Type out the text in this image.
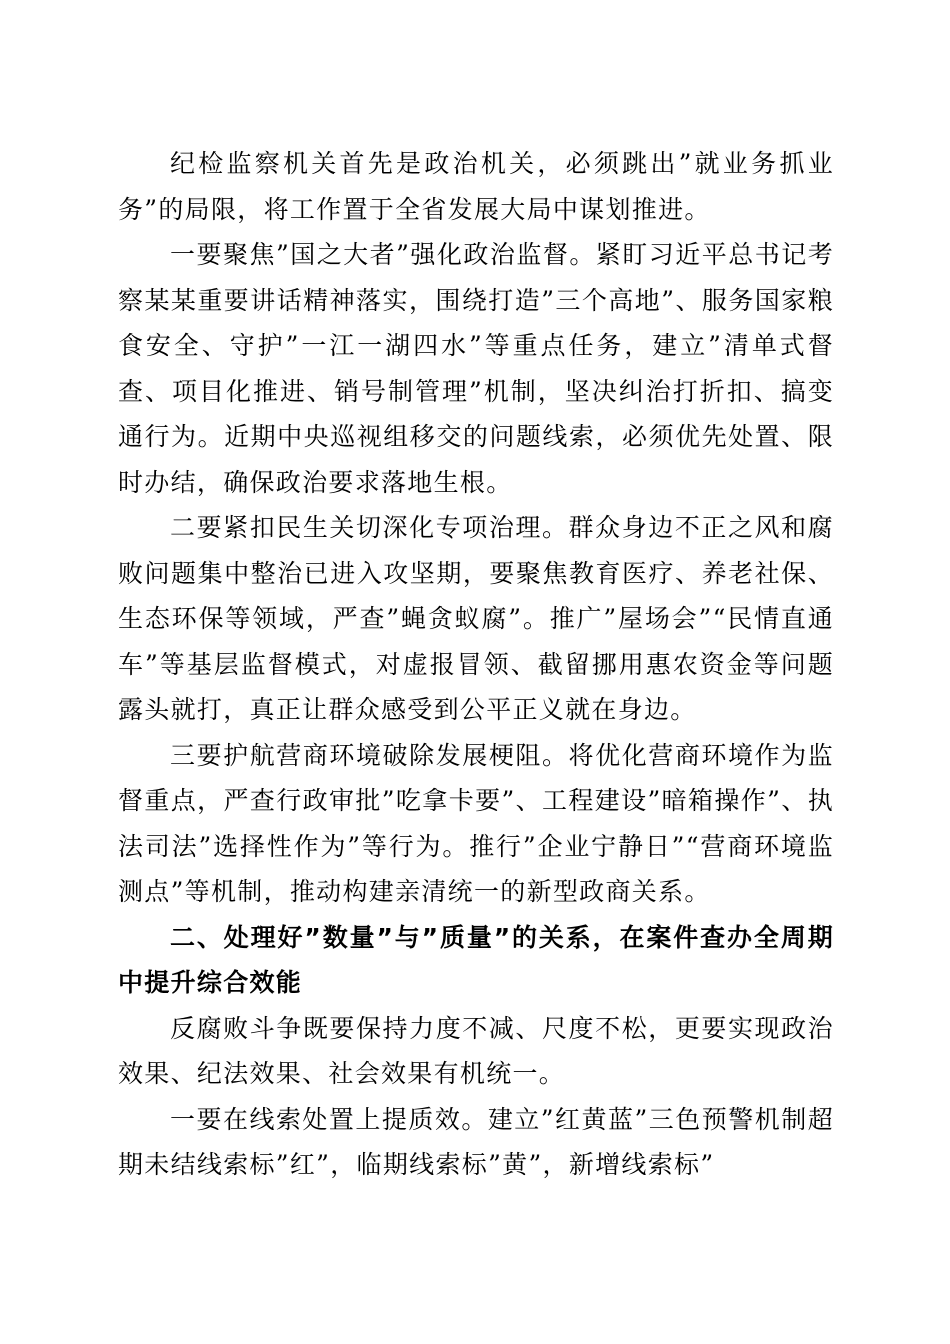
纪检监察机关首先是政治机关，必须跳出”就业务抓业务”的局限，将工作置于全省发展大局中谋划推进。

一要聚焦”国之大者”强化政治监督。紧盯习近平总书记考察某某重要讲话精神落实，围绕打造”三个高地”、服务国家粮食安全、守护”一江一湖四水”等重点任务，建立”清单式督查、项目化推进、销号制管理”机制，坚决纠治打折扣、搞变通行为。近期中央巡视组移交的问题线索，必须优先处置、限时办结，确保政治要求落地生根。

二要紧扣民生关切深化专项治理。群众身边不正之风和腐败问题集中整治已进入攻坚期，要聚焦教育医疗、养老社保、生态环保等领域，严查”蝇贪蚁腐”。推广”屋场会”“民情直通车”等基层监督模式，对虚报冒领、截留挪用惠农资金等问题露头就打，真正让群众感受到公平正义就在身边。

三要护航营商环境破除发展梗阻。将优化营商环境作为监督重点，严查行政审批”吃拿卡要”、工程建设”暗箱操作”、执法司法”选择性作为”等行为。推行”企业宁静日”“营商环境监测点”等机制，推动构建亲清统一的新型政商关系。

二、处理好”数量”与”质量”的关系，在案件查办全周期中提升综合效能

反腐败斗争既要保持力度不减、尺度不松，更要实现政治效果、纪法效果、社会效果有机统一。

一要在线索处置上提质效。建立”红黄蓝”三色预警机制超期未结线索标”红”，临期线索标”黄”，新增线索标”
